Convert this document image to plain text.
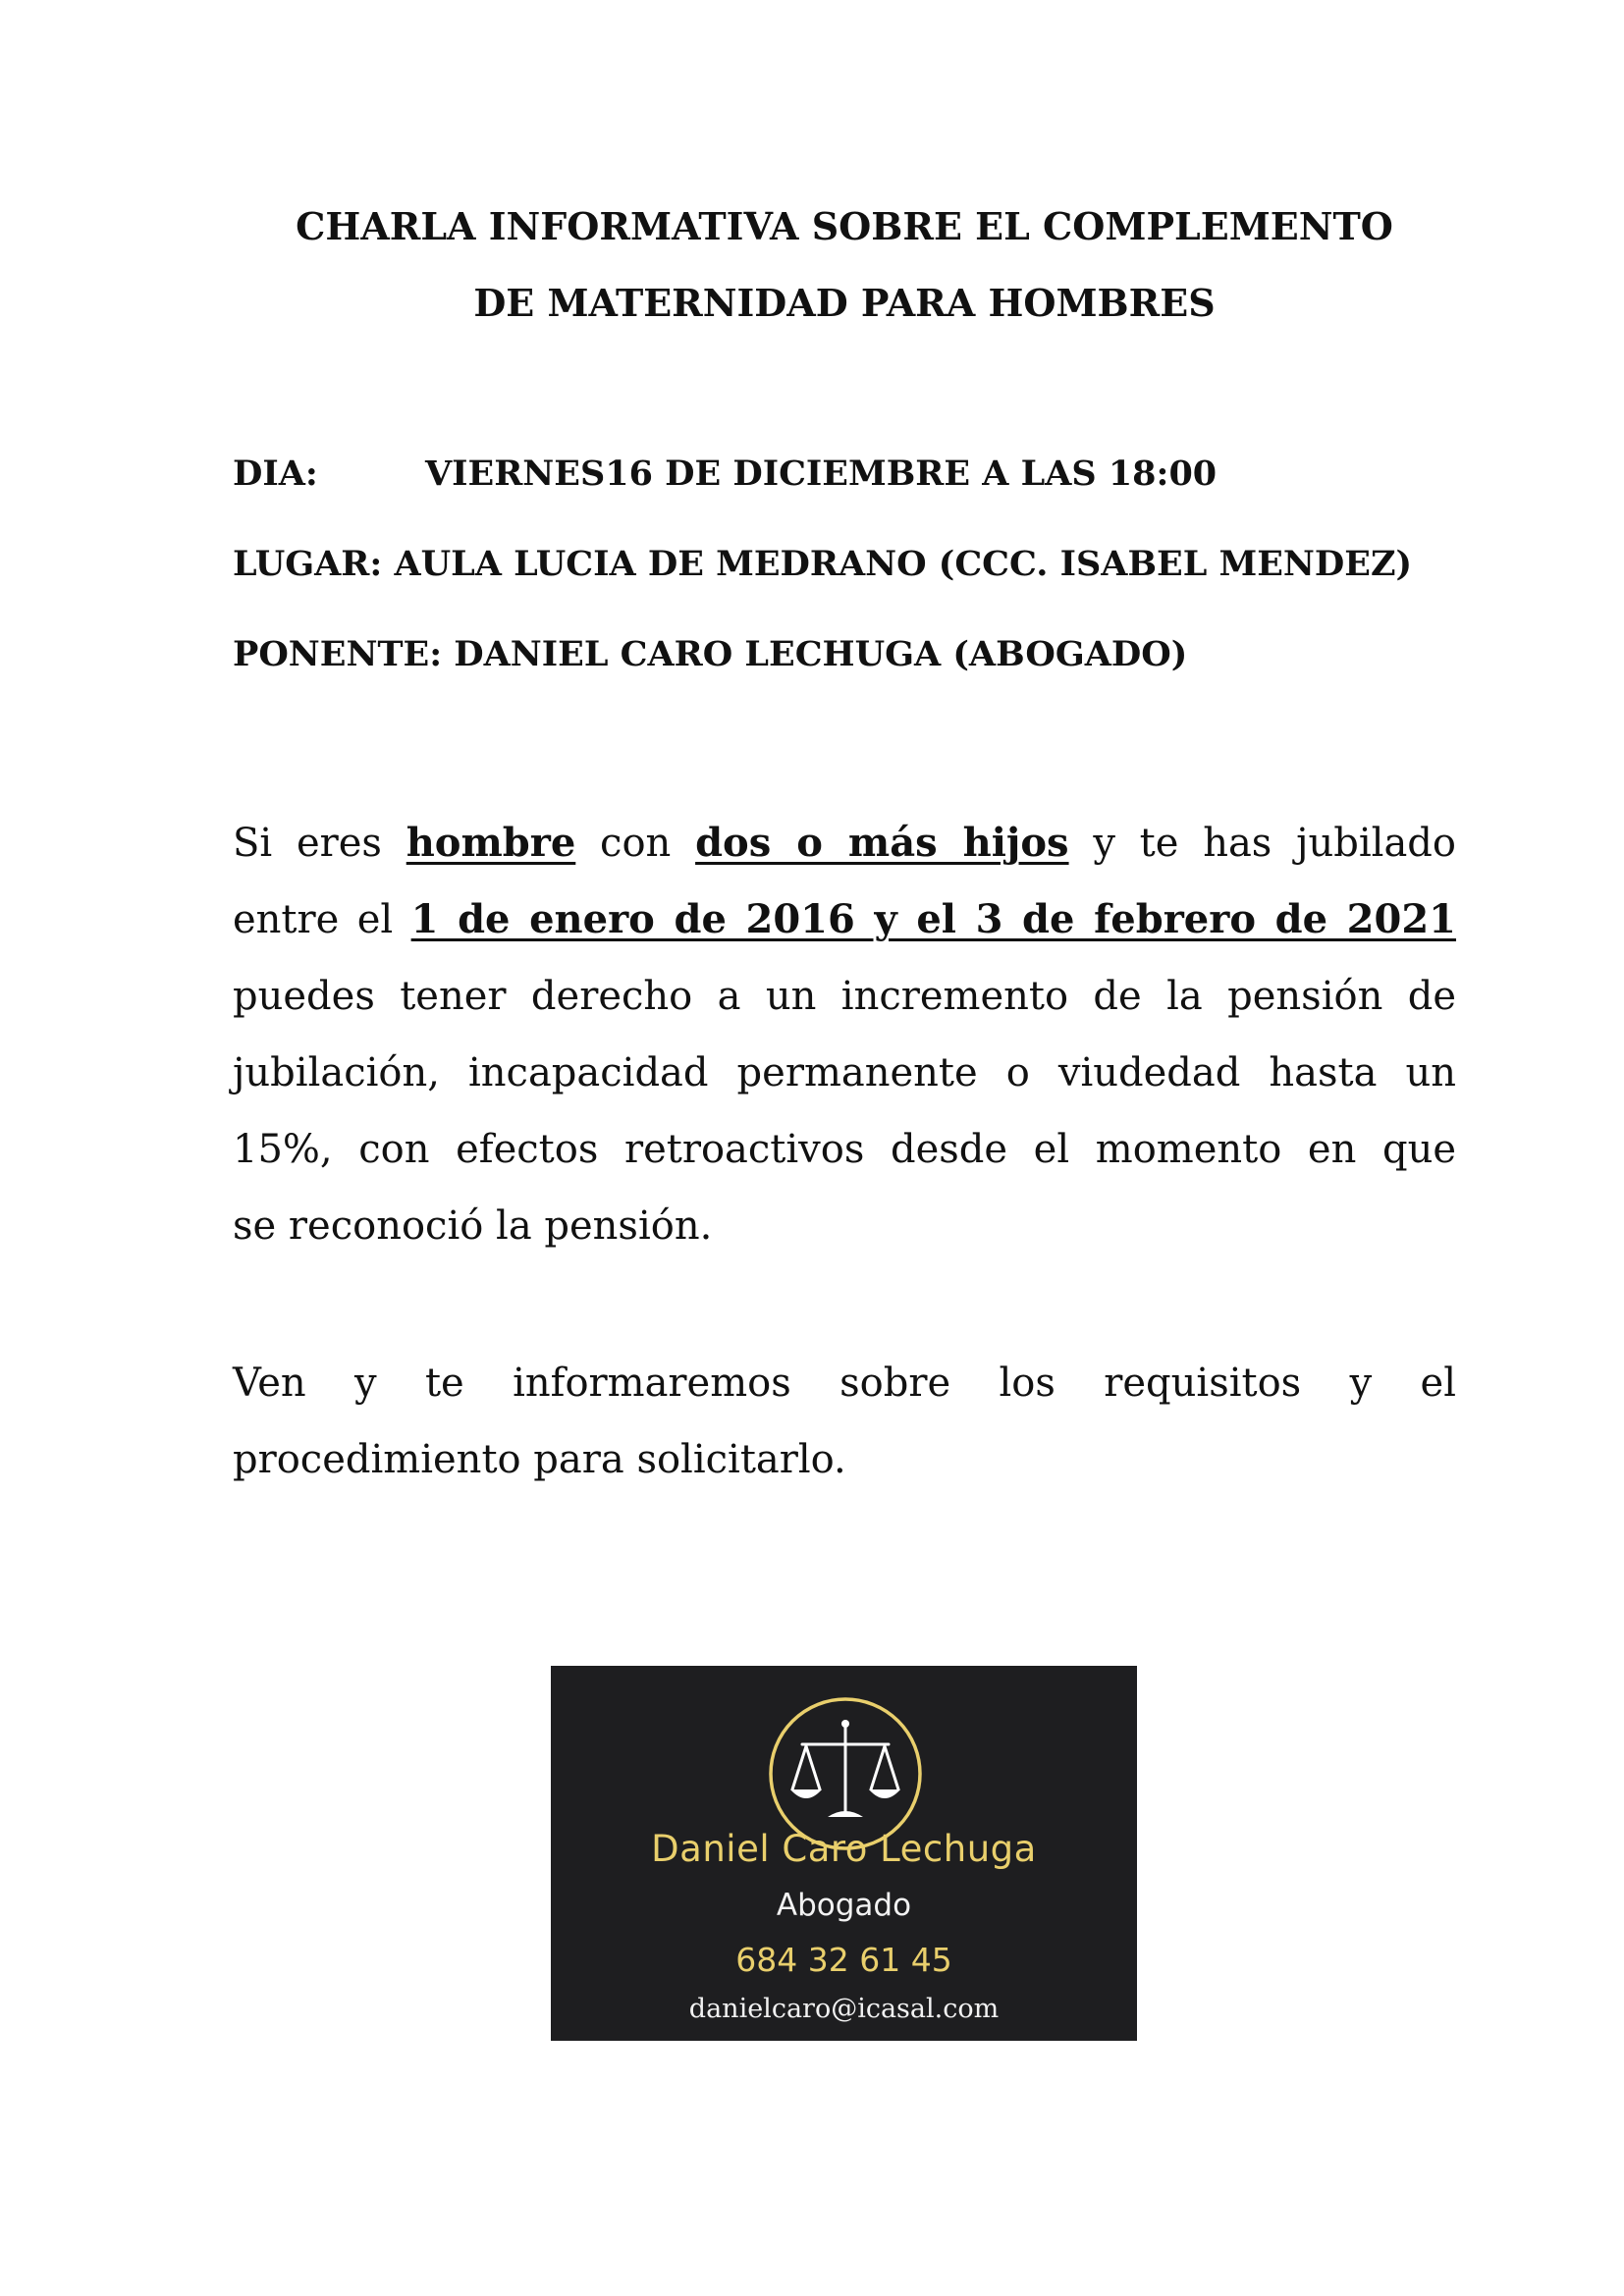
CHARLA INFORMATIVA SOBRE EL COMPLEMENTO
DE MATERNIDAD PARA HOMBRES
DIA:	VIERNES16 DE DICIEMBRE A LAS 18:00
LUGAR: AULA LUCIA DE MEDRANO (CCC. ISABEL MENDEZ)
PONENTE: DANIEL CARO LECHUGA (ABOGADO)
Si eres hombre con dos o más hijos y te has jubilado
entre el 1 de enero de 2016 y el 3 de febrero de 2021
puedes tener derecho a un incremento de la pensión de
jubilación, incapacidad permanente o viudedad hasta un
15%, con efectos retroactivos desde el momento en que
se reconoció la pensión.
Ven y te informaremos sobre los requisitos y el
procedimiento para solicitarlo.
Daniel Caro Lechuga
Abogado
684 32 61 45
danielcaro@icasal.com
